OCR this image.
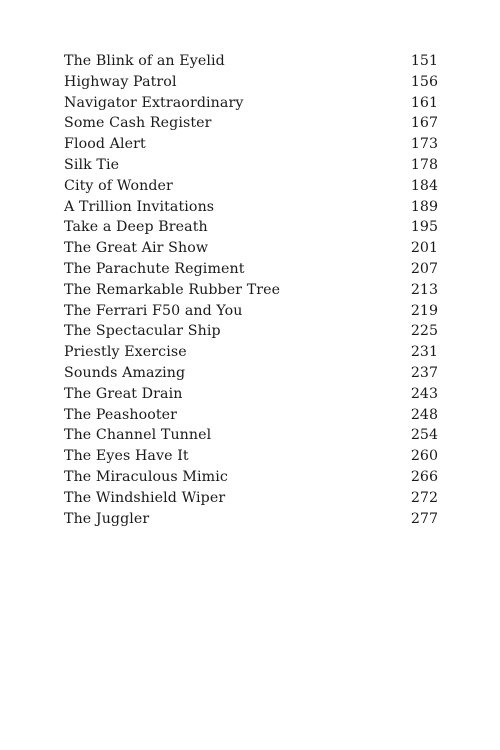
The Blink of an Eyelid	151
Highway Patrol	156
Navigator Extraordinary	161
Some Cash Register	167
Flood Alert	173
Silk Tie	178
City of Wonder	184
A Trillion Invitations	189
Take a Deep Breath	195
The Great Air Show	201
The Parachute Regiment	207
The Remarkable Rubber Tree	213
The Ferrari F50 and You	219
The Spectacular Ship	225
Priestly Exercise	231
Sounds Amazing	237
The Great Drain	243
The Peashooter	248
The Channel Tunnel	254
The Eyes Have It	260
The Miraculous Mimic	266
The Windshield Wiper	272
The Juggler	277
